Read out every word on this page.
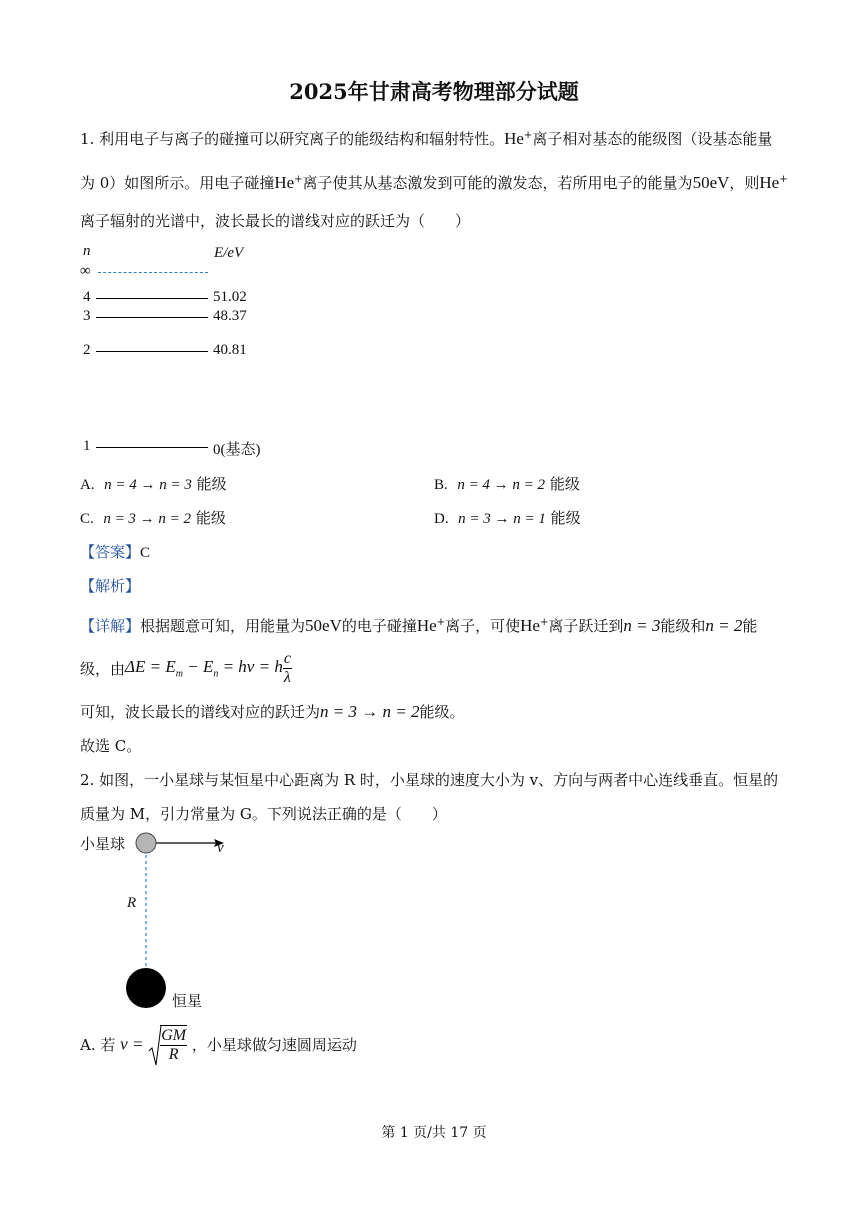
2025年甘肃高考物理部分试题
1. 利用电子与离子的碰撞可以研究离子的能级结构和辐射特性。He+离子相对基态的能级图（设基态能量
为 0）如图所示。用电子碰撞He+离子使其从基态激发到可能的激发态，若所用电子的能量为50eV，则He+
离子辐射的光谱中，波长最长的谱线对应的跃迁为（　　）
n	E/eV
∞
4	51.02
3	48.37
2	40.81
1	0(基态)
A. n = 4 → n = 3 能级	B. n = 4 → n = 2 能级
C. n = 3 → n = 2 能级	D. n = 3 → n = 1 能级
【答案】C
【解析】
【详解】根据题意可知，用能量为50eV的电子碰撞He+离子，可使He+离子跃迁到n = 3能级和n = 2能
级，由$\Delta E = E_m - E_n = h\nu = h \frac{c}{\lambda}$
可知，波长最长的谱线对应的跃迁为n = 3 → n = 2能级。
故选 C。
2. 如图，一小星球与某恒星中心距离为 R 时，小星球的速度大小为 v、方向与两者中心连线垂直。恒星的
质量为 M，引力常量为 G。下列说法正确的是（　　）
小星球	v
R
恒星
A. 若 $v = \frac{GM}{R}$ ，小星球做匀速圆周运动
第 1 页/共 17 页
